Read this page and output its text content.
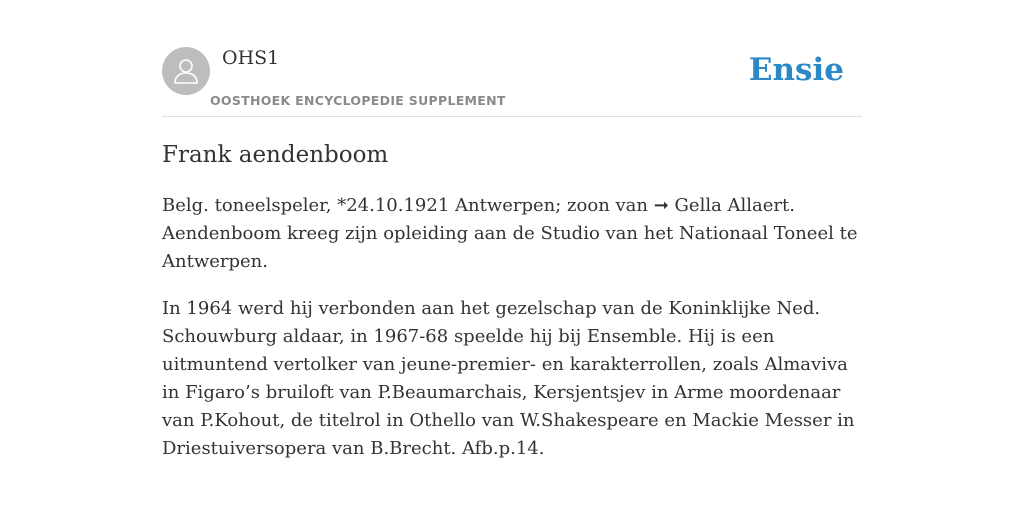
OHS1
OOSTHOEK ENCYCLOPEDIE SUPPLEMENT
Ensie
Frank aendenboom

Belg. toneelspeler, *24.10.1921 Antwerpen; zoon van ➞ Gella Allaert. Aendenboom kreeg zijn opleiding aan de Studio van het Nationaal Toneel te Antwerpen.

In 1964 werd hij verbonden aan het gezelschap van de Koninklijke Ned. Schouwburg aldaar, in 1967-68 speelde hij bij Ensemble. Hij is een uitmuntend vertolker van jeune-premier- en karakterrollen, zoals Almaviva in Figaro’s bruiloft van P.Beaumarchais, Kersjentsjev in Arme moordenaar van P.Kohout, de titelrol in Othello van W.Shakespeare en Mackie Messer in Driestuiversopera van B.Brecht. Afb.p.14.
